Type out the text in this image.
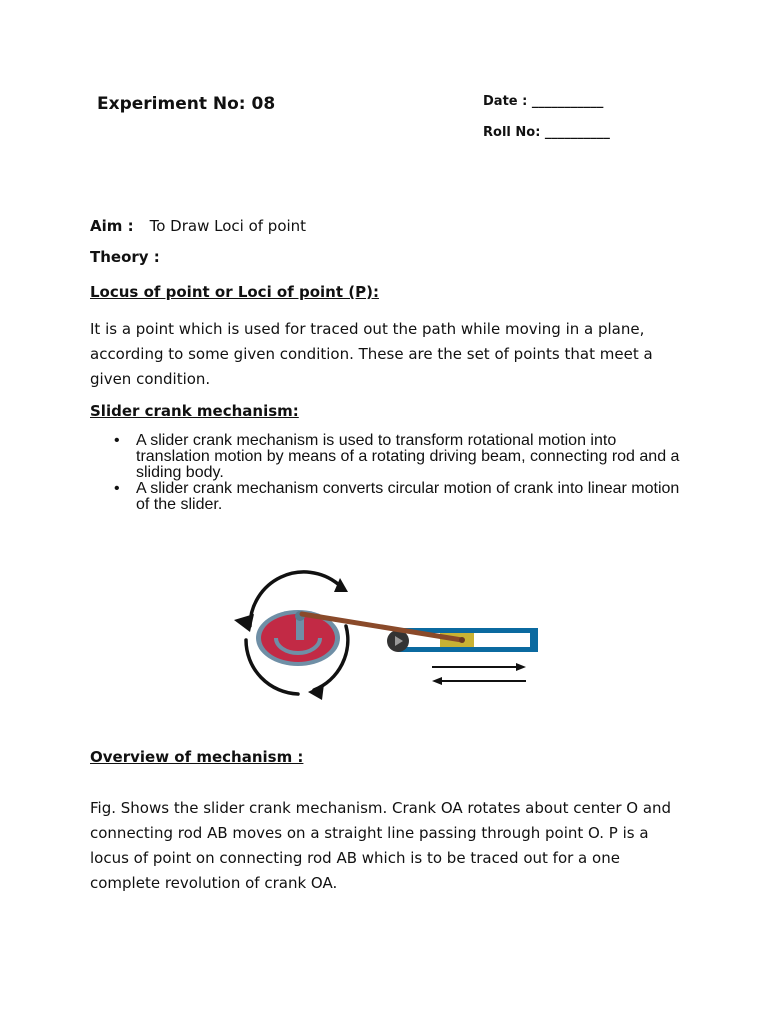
Experiment No: 08	Date : ___________
Roll No: __________
Aim : To Draw Loci of point
Theory :
Locus of point or Loci of point (P):
It is a point which is used for traced out the path while moving in a plane, according to some given condition. These are the set of points that meet a given condition.
Slider crank mechanism:
• A slider crank mechanism is used to transform rotational motion into translation motion by means of a rotating driving beam, connecting rod and a sliding body.
• A slider crank mechanism converts circular motion of crank into linear motion of the slider.
Overview of mechanism :
Fig. Shows the slider crank mechanism. Crank OA rotates about center O and connecting rod AB moves on a straight line passing through point O. P is a locus of point on connecting rod AB which is to be traced out for a one complete revolution of crank OA.
